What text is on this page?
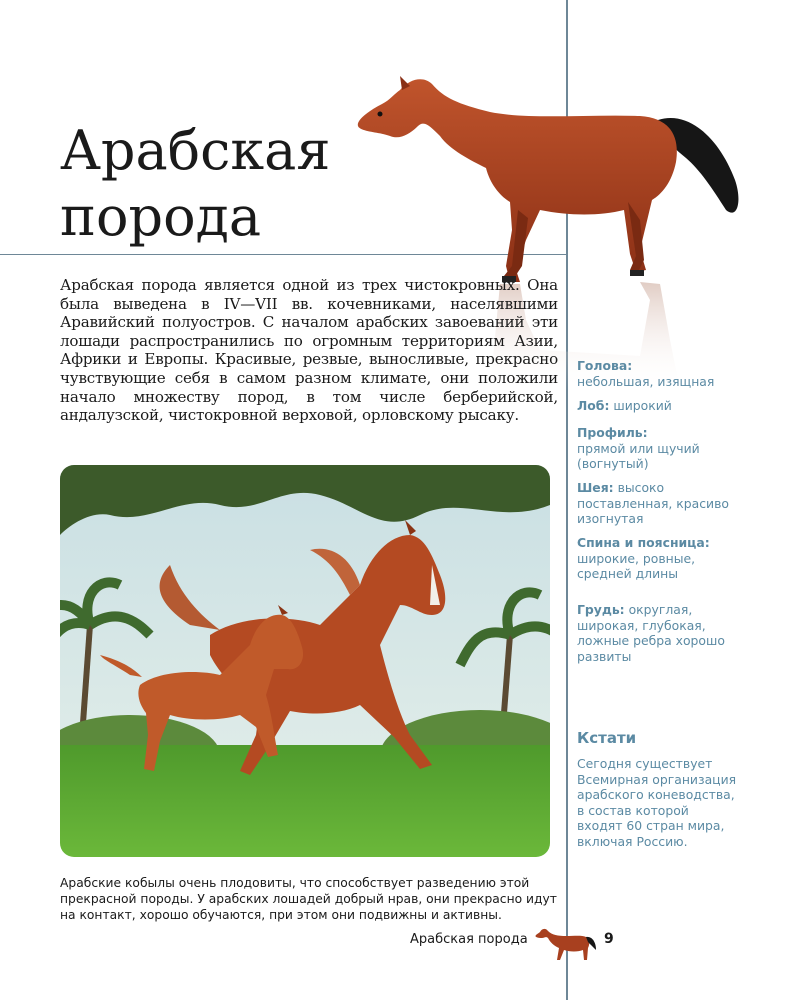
Арабская
порода
Арабская порода является одной из трех чистокровных. Она была выведена в IV—VII вв. кочевниками, населявшими Аравийский полуостров. С началом арабских завоеваний эти лошади распространились по огромным территориям Азии, Африки и Европы. Красивые, резвые, выносливые, прекрасно чувствующие себя в самом разном климате, они положили начало множеству пород, в том числе берберийской, андалузской, чистокровной верховой, орловскому рысаку.
Арабские кобылы очень плодовиты, что способствует разведению этой прекрасной породы. У арабских лошадей добрый нрав, они прекрасно идут на контакт, хорошо обучаются, при этом они подвижны и активны.
Голова:
небольшая, изящная
Лоб: широкий
Профиль:
прямой или щучий (вогнутый)
Шея: высоко поставленная, красиво изогнутая
Спина и поясница:
широкие, ровные, средней длины
Грудь: округлая, широкая, глубокая, ложные ребра хорошо развиты
Кстати
Сегодня существует Всемирная организация арабского коневодства, в состав которой входят 60 стран мира, включая Россию.
Арабская порода	9
